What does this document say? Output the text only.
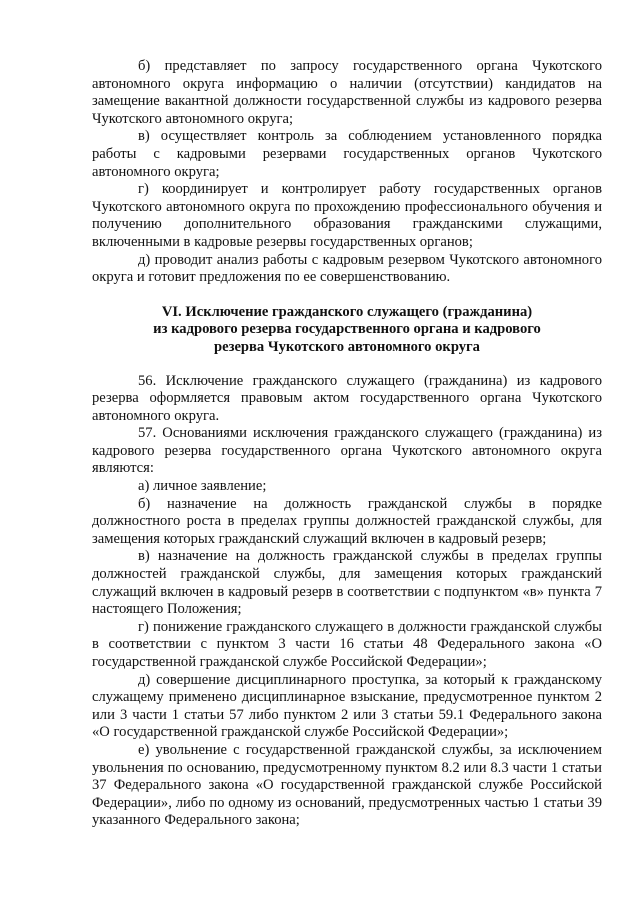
б) представляет по запросу государственного органа Чукотского автономного округа информацию о наличии (отсутствии) кандидатов на замещение вакантной должности государственной службы из кадрового резерва Чукотского автономного округа;

в) осуществляет контроль за соблюдением установленного порядка работы с кадровыми резервами государственных органов Чукотского автономного округа;

г) координирует и контролирует работу государственных органов Чукотского автономного округа по прохождению профессионального обучения и получению дополнительного образования гражданскими служащими, включенными в кадровые резервы государственных органов;

д) проводит анализ работы с кадровым резервом Чукотского автономного округа и готовит предложения по ее совершенствованию.

VI. Исключение гражданского служащего (гражданина)
из кадрового резерва государственного органа и кадрового
резерва Чукотского автономного округа

56. Исключение гражданского служащего (гражданина) из кадрового резерва оформляется правовым актом государственного органа Чукотского автономного округа.

57. Основаниями исключения гражданского служащего (гражданина) из кадрового резерва государственного органа Чукотского автономного округа являются:

а) личное заявление;

б) назначение на должность гражданской службы в порядке должностного роста в пределах группы должностей гражданской службы, для замещения которых гражданский служащий включен в кадровый резерв;

в) назначение на должность гражданской службы в пределах группы должностей гражданской службы, для замещения которых гражданский служащий включен в кадровый резерв в соответствии с подпунктом «в» пункта 7 настоящего Положения;

г) понижение гражданского служащего в должности гражданской службы в соответствии с пунктом 3 части 16 статьи 48 Федерального закона «О государственной гражданской службе Российской Федерации»;

д) совершение дисциплинарного проступка, за который к гражданскому служащему применено дисциплинарное взыскание, предусмотренное пунктом 2 или 3 части 1 статьи 57 либо пунктом 2 или 3 статьи 59.1 Федерального закона «О государственной гражданской службе Российской Федерации»;

е) увольнение с государственной гражданской службы, за исключением увольнения по основанию, предусмотренному пунктом 8.2 или 8.3 части 1 статьи 37 Федерального закона «О государственной гражданской службе Российской Федерации», либо по одному из оснований, предусмотренных частью 1 статьи 39 указанного Федерального закона;
